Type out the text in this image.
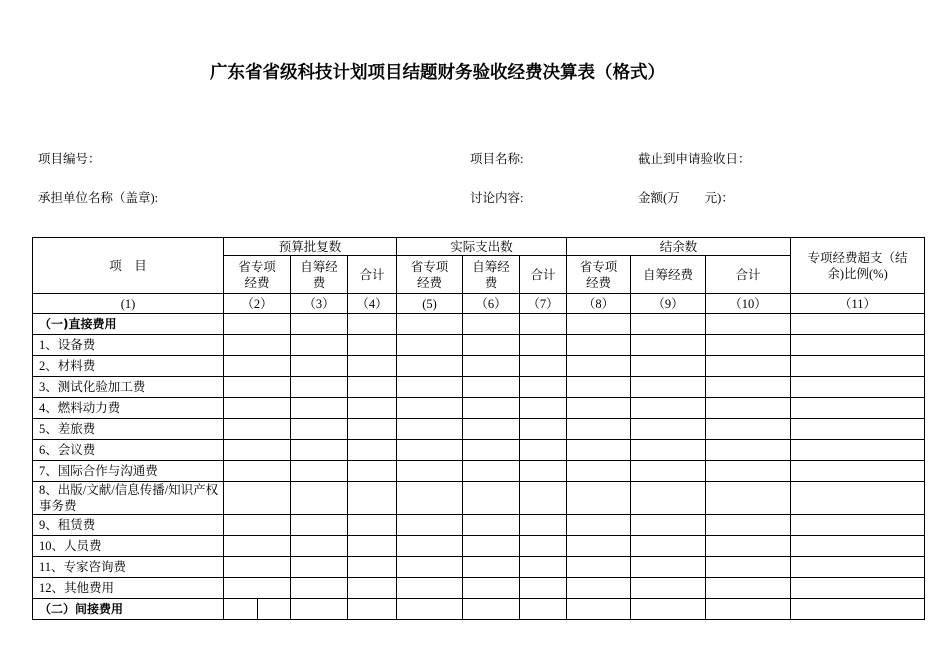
广东省省级科技计划项目结题财务验收经费决算表（格式）
项目编号：	项目名称:	截止到申请验收日：
承担单位名称（盖章):	讨论内容:	金额(万　　元)：
项　目	预算批复数			实际支出数			结余数			专项经费超支（结余)比例(%)
	省专项经费	自筹经费	合计	省专项经费	自筹经费	合计	省专项经费	自筹经费	合计	
(1)	（2）	（3）	（4）	(5)	（6）	（7）	（8）	（9）	（10）	（11）
（一)直接费用										
1、设备费										
2、材料费										
3、测试化验加工费										
4、燃料动力费										
5、差旅费										
6、会议费										
7、国际合作与沟通费										
8、出版/文献/信息传播/知识产权事务费										
9、租赁费										
10、人员费										
11、专家咨询费										
12、其他费用										
（二）间接费用	
